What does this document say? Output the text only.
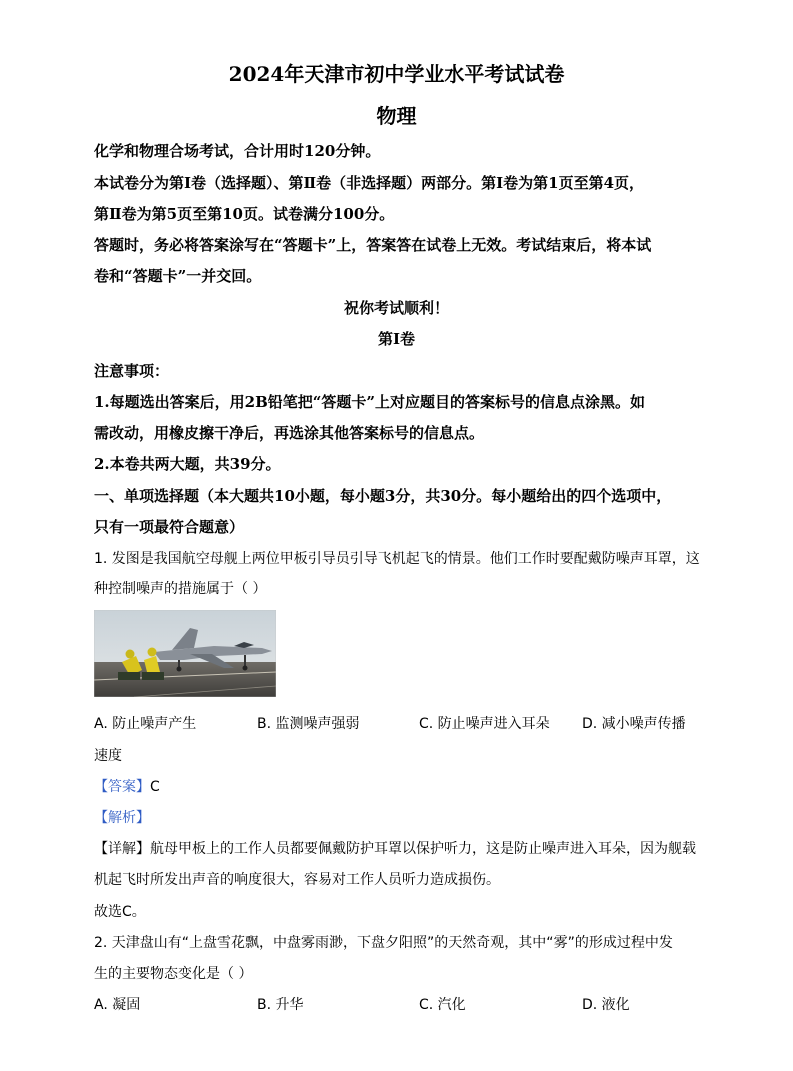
2024年天津市初中学业水平考试试卷
物理
化学和物理合场考试，合计用时120分钟。
本试卷分为第Ⅰ卷（选择题）、第Ⅱ卷（非选择题）两部分。第Ⅰ卷为第1页至第4页，
第Ⅱ卷为第5页至第10页。试卷满分100分。
答题时，务必将答案涂写在“答题卡”上，答案答在试卷上无效。考试结束后，将本试
卷和“答题卡”一并交回。
祝你考试顺利！
第Ⅰ卷
注意事项：
1.每题选出答案后，用2B铅笔把“答题卡”上对应题目的答案标号的信息点涂黑。如
需改动，用橡皮擦干净后，再选涂其他答案标号的信息点。
2.本卷共两大题，共39分。
一、单项选择题（本大题共10小题，每小题3分，共30分。每小题给出的四个选项中，
只有一项最符合题意）
1. 发图是我国航空母舰上两位甲板引导员引导飞机起飞的情景。他们工作时要配戴防噪声耳罩，这
种控制噪声的措施属于（ ）
A. 防止噪声产生	B. 监测噪声强弱	C. 防止噪声进入耳朵 D. 减小噪声传播
速度
【答案】C
【解析】
【详解】航母甲板上的工作人员都要佩戴防护耳罩以保护听力，这是防止噪声进入耳朵，因为舰载
机起飞时所发出声音的响度很大，容易对工作人员听力造成损伤。
故选C。
2. 天津盘山有“上盘雪花飘，中盘雾雨渺，下盘夕阳照”的天然奇观，其中“雾”的形成过程中发
生的主要物态变化是（ ）
A. 凝固	B. 升华	C. 汽化	D. 液化
